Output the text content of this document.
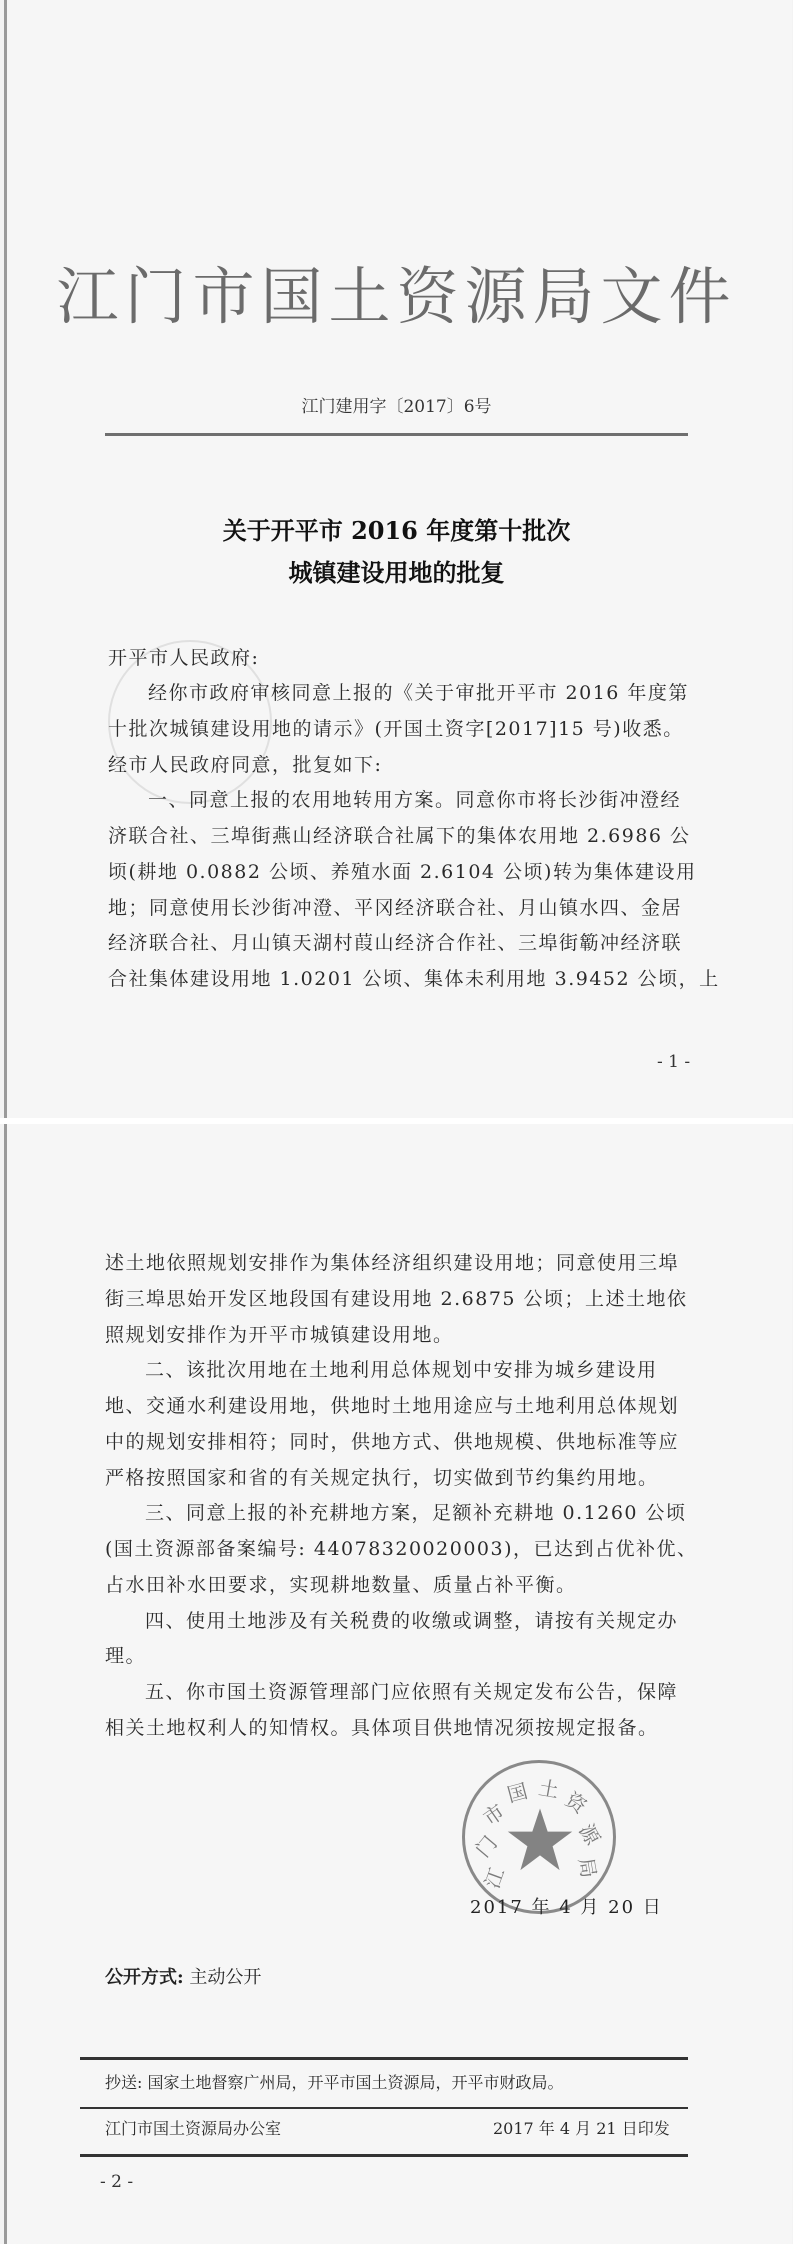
江门市国土资源局文件
江门建用字〔2017〕6号
关于开平市 2016 年度第十批次
城镇建设用地的批复
开平市人民政府:
经你市政府审核同意上报的《关于审批开平市 2016 年度第
十批次城镇建设用地的请示》(开国土资字[2017]15 号)收悉。
经市人民政府同意，批复如下:
一、同意上报的农用地转用方案。同意你市将长沙街冲澄经
济联合社、三埠街燕山经济联合社属下的集体农用地 2.6986 公
顷(耕地 0.0882 公顷、养殖水面 2.6104 公顷)转为集体建设用
地；同意使用长沙街冲澄、平冈经济联合社、月山镇水四、金居
经济联合社、月山镇天湖村葭山经济合作社、三埠街簕冲经济联
合社集体建设用地 1.0201 公顷、集体未利用地 3.9452 公顷，上
- 1 -
述土地依照规划安排作为集体经济组织建设用地；同意使用三埠
街三埠思始开发区地段国有建设用地 2.6875 公顷；上述土地依
照规划安排作为开平市城镇建设用地。
二、该批次用地在土地利用总体规划中安排为城乡建设用
地、交通水利建设用地，供地时土地用途应与土地利用总体规划
中的规划安排相符；同时，供地方式、供地规模、供地标准等应
严格按照国家和省的有关规定执行，切实做到节约集约用地。
三、同意上报的补充耕地方案，足额补充耕地 0.1260 公顷
(国土资源部备案编号: 44078320020003)，已达到占优补优、
占水田补水田要求，实现耕地数量、质量占补平衡。
四、使用土地涉及有关税费的收缴或调整，请按有关规定办
理。
五、你市国土资源管理部门应依照有关规定发布公告，保障
相关土地权利人的知情权。具体项目供地情况须按规定报备。
江
门
市
国 土 资
源
局
2017 年 4 月 20 日
公开方式: 主动公开
抄送: 国家土地督察广州局，开平市国土资源局，开平市财政局。
江门市国土资源局办公室	2017 年 4 月 21 日印发
- 2 -
